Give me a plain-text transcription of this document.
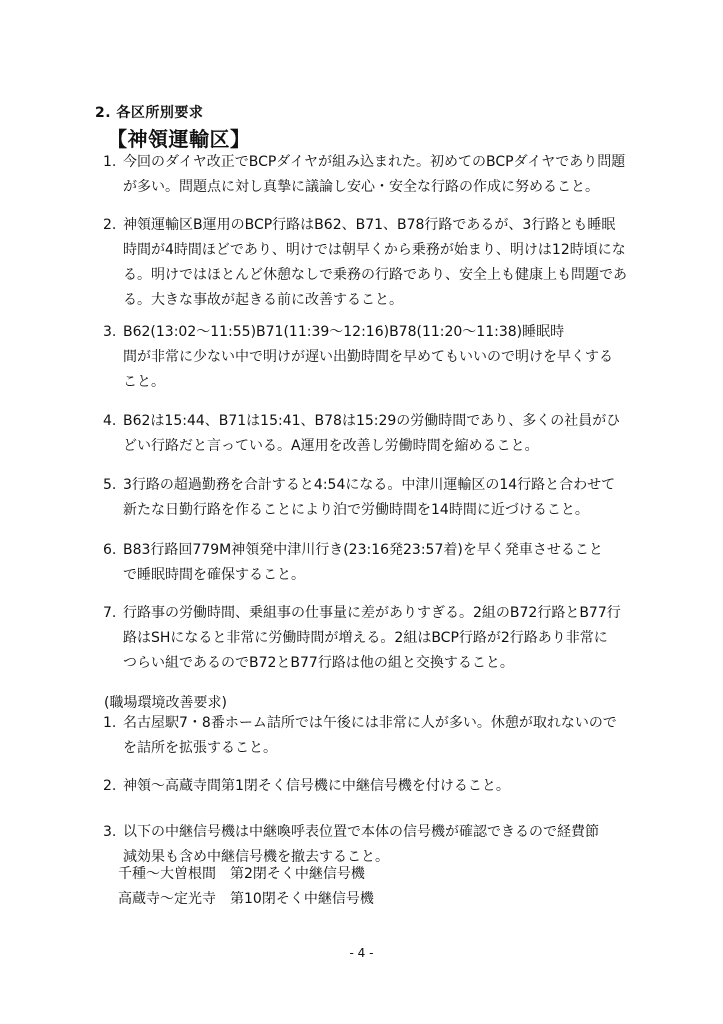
2. 各区所別要求
【神領運輸区】
1. 今回のダイヤ改正でBCPダイヤが組み込まれた。初めてのBCPダイヤであり問題
が多い。問題点に対し真摯に議論し安心・安全な行路の作成に努めること。
2. 神領運輸区B運用のBCP行路はB62、B71、B78行路であるが、3行路とも睡眠
時間が4時間ほどであり、明けでは朝早くから乗務が始まり、明けは12時頃にな
る。明けではほとんど休憩なしで乗務の行路であり、安全上も健康上も問題であ
る。大きな事故が起きる前に改善すること。
3. B62(13:02～11:55)B71(11:39～12:16)B78(11:20～11:38)睡眠時
間が非常に少ない中で明けが遅い出勤時間を早めてもいいので明けを早くする
こと。
4. B62は15:44、B71は15:41、B78は15:29の労働時間であり、多くの社員がひ
どい行路だと言っている。A運用を改善し労働時間を縮めること。
5. 3行路の超過勤務を合計すると4:54になる。中津川運輸区の14行路と合わせて
新たな日勤行路を作ることにより泊で労働時間を14時間に近づけること。
6. B83行路回779M神領発中津川行き(23:16発23:57着)を早く発車させること
で睡眠時間を確保すること。
7. 行路事の労働時間、乗組事の仕事量に差がありすぎる。2組のB72行路とB77行
路はSHになると非常に労働時間が増える。2組はBCP行路が2行路あり非常に
つらい組であるのでB72とB77行路は他の組と交換すること。
(職場環境改善要求)
1. 名古屋駅7・8番ホーム詰所では午後には非常に人が多い。休憩が取れないので
を詰所を拡張すること。
2. 神領～高蔵寺間第1閉そく信号機に中継信号機を付けること。
3. 以下の中継信号機は中継喚呼表位置で本体の信号機が確認できるので経費節
減効果も含め中継信号機を撤去すること。
千種～大曽根間　第2閉そく中継信号機
高蔵寺～定光寺　第10閉そく中継信号機
- 4 -
